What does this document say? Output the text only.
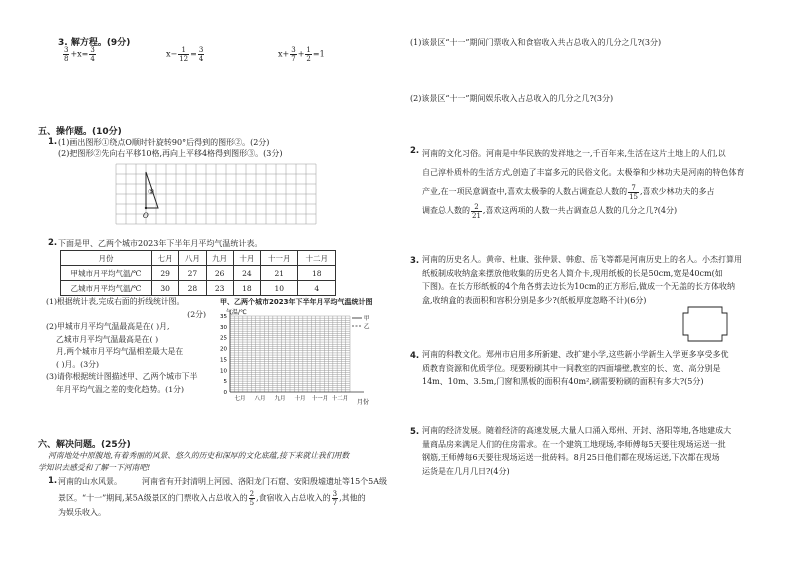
3. 解方程。(9分)
$\frac{3}{8} +x= \frac{3}{4}$	$x- \frac{1}{12} = \frac{3}{4}$	$x+ \frac{3}{7} + \frac{1}{2} =1$
五、操作题。(10分)
1. (1)画出图形①绕点O顺时针旋转90°后得到的图形②。(2分)
(2)把图形②先向右平移10格,再向上平移4格得到图形③。(3分)
①
O
2. 下面是甲、乙两个城市2023年下半年月平均气温统计表。
月份	七月	八月	九月	十月	十一月	十二月
甲城市月平均气温/℃	29	27	26	24	21	18
乙城市月平均气温/℃	30	28	23	18	10	4
(1)根据统计表,完成右面的折线统计图。
(2分)
(2)甲城市月平均气温最高是在( )月,
乙城市月平均气温最高是在( )
月,两个城市月平均气温相差最大是在
( )月。(3分)
(3)请你根据统计图描述甲、乙两个城市下半
年月平均气温之差的变化趋势。(1分)
甲、乙两个城市2023年下半年月平均气温统计图
0
5
10
15
20
25
30
35
七月 八月 九月 十月 十一月 十二月
气温/℃
月份
甲
乙
六、解决问题。(25分)
河南地处中原腹地,有着秀丽的风景、悠久的历史和深厚的文化底蕴,接下来就让我们用数
学知识去感受和了解一下河南吧!
1. 河南的山水风景。	河南省有开封清明上河园、洛阳龙门石窟、安阳殷墟遗址等15个5A级
景区。“十一”期间,某5A级景区的门票收入占总收入的 $\frac{2}{5}$ ,食宿收入占总收入的 $\frac{3}{7}$ ,其他的
为娱乐收入。
(1)该景区“十一”期间门票收入和食宿收入共占总收入的几分之几?(3分)
(2)该景区“十一”期间娱乐收入占总收入的几分之几?(3分)
2. 河南的文化习俗。河南是中华民族的发祥地之一,千百年来,生活在这片土地上的人们,以
自己淳朴质朴的生活方式,创造了丰富多元的民俗文化。太极拳和少林功夫是河南的特色体育
产业,在一项民意调查中,喜欢太极拳的人数占调查总人数的 $\frac{7}{15}$ ,喜欢少林功夫的多占
调查总人数的 $\frac{2}{21}$ ,喜欢这两项的人数一共占调查总人数的几分之几?(4分)
3. 河南的历史名人。黄帝、杜康、张仲景、韩愈、岳飞等都是河南历史上的名人。小杰打算用
纸板制成收纳盒来摆放他收集的历史名人简介卡,现用纸板的长是50cm,宽是40cm(如
下图)。在长方形纸板的4个角各剪去边长为10cm的正方形后,做成一个无盖的长方体收纳
盒,收纳盒的表面积和容积分别是多少?(纸板厚度忽略不计)(6分)
4. 河南的科教文化。郑州市启用多所新建、改扩建小学,这些新小学新生入学更多享受多优
质教育资源和优质学位。现要粉刷其中一间教室的四面墙壁,教室的长、宽、高分别是
14m、10m、3.5m,门窗和黑板的面积有40m²,刷需要粉刷的面积有多大?(5分)
5. 河南的经济发展。随着经济的高速发展,大量人口涌入郑州、开封、洛阳等地,各地建成大
量商品房来满足人们的住房需求。在一个建筑工地现场,李师傅每5天要往现场运送一批
钢筋,王师傅每6天要往现场运送一批砖料。8月25日他们都在现场运送,下次都在现场
运货是在几月几日?(4分)
